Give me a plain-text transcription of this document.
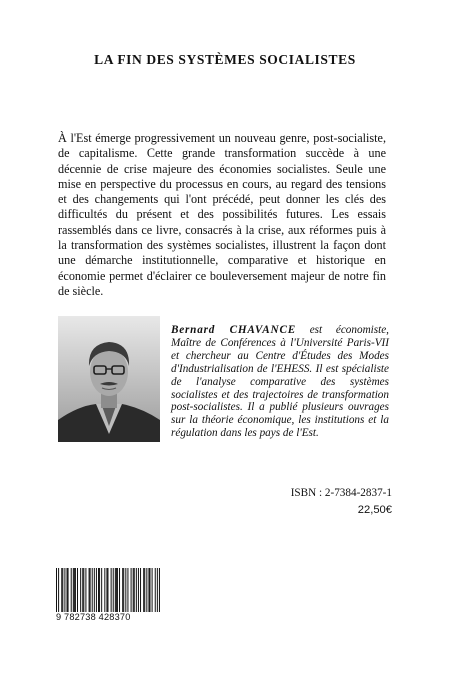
LA FIN DES SYSTÈMES SOCIALISTES

À l'Est émerge progressivement un nouveau genre, post-socialiste, de capitalisme. Cette grande transformation succède à une décennie de crise majeure des économies socialistes. Seule une mise en perspective du processus en cours, au regard des tensions et des changements qui l'ont précédé, peut donner les clés des difficultés du présent et des possibilités futures. Les essais rassemblés dans ce livre, consacrés à la crise, aux réformes puis à la transformation des systèmes socialistes, illustrent la façon dont une démarche institutionnelle, comparative et historique en économie permet d'éclairer ce bouleversement majeur de notre fin de siècle.

Bernard CHAVANCE est économiste, Maître de Conférences à l'Université Paris-VII et chercheur au Centre d'Études des Modes d'Industrialisation de l'EHESS. Il est spécialiste de l'analyse comparative des systèmes socialistes et des trajectoires de transformation post-socialistes. Il a publié plusieurs ouvrages sur la théorie économique, les institutions et la régulation dans les pays de l'Est.

ISBN : 2-7384-2837-1
22,50€
9 782738 428370
